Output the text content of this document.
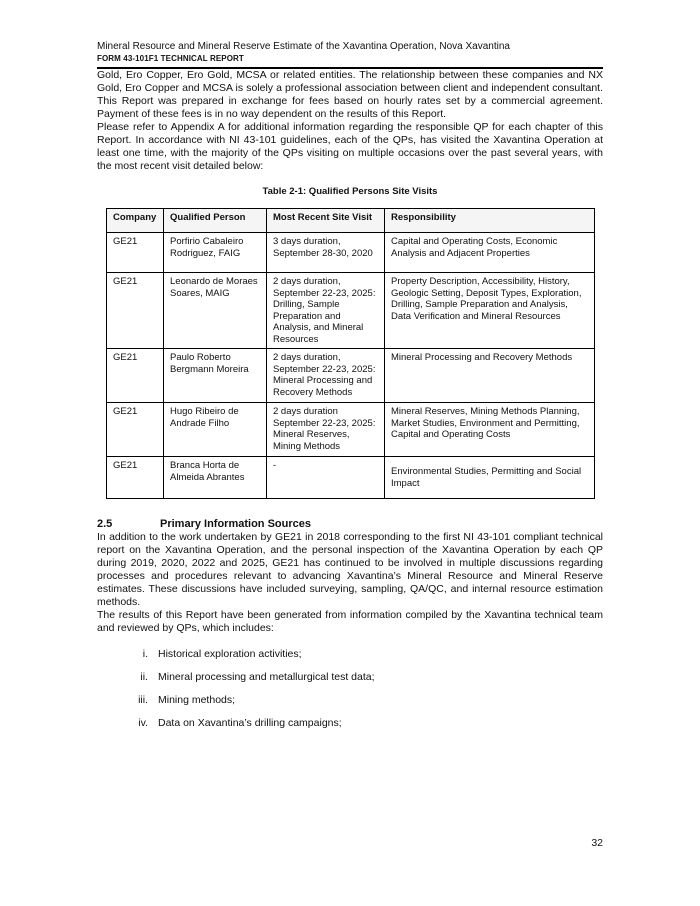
Mineral Resource and Mineral Reserve Estimate of the Xavantina Operation, Nova Xavantina
FORM 43-101F1 TECHNICAL REPORT

Gold, Ero Copper, Ero Gold, MCSA or related entities. The relationship between these companies and NX Gold, Ero Copper and MCSA is solely a professional association between client and independent consultant. This Report was prepared in exchange for fees based on hourly rates set by a commercial agreement. Payment of these fees is in no way dependent on the results of this Report.

Please refer to Appendix A for additional information regarding the responsible QP for each chapter of this Report. In accordance with NI 43-101 guidelines, each of the QPs, has visited the Xavantina Operation at least one time, with the majority of the QPs visiting on multiple occasions over the past several years, with the most recent visit detailed below:

Table 2-1: Qualified Persons Site Visits
Company	Qualified Person	Most Recent Site Visit	Responsibility
GE21	Porfirio Cabaleiro Rodriguez, FAIG	3 days duration, September 28-30, 2020	Capital and Operating Costs, Economic Analysis and Adjacent Properties
GE21	Leonardo de Moraes Soares, MAIG	2 days duration, September 22-23, 2025: Drilling, Sample Preparation and Analysis, and Mineral Resources	Property Description, Accessibility, History, Geologic Setting, Deposit Types, Exploration, Drilling, Sample Preparation and Analysis, Data Verification and Mineral Resources
GE21	Paulo Roberto Bergmann Moreira	2 days duration, September 22-23, 2025: Mineral Processing and Recovery Methods	Mineral Processing and Recovery Methods
GE21	Hugo Ribeiro de Andrade Filho	2 days duration September 22-23, 2025: Mineral Reserves, Mining Methods	Mineral Reserves, Mining Methods Planning, Market Studies, Environment and Permitting, Capital and Operating Costs
GE21	Branca Horta de Almeida Abrantes	-	Environmental Studies, Permitting and Social Impact
2.5	Primary Information Sources

In addition to the work undertaken by GE21 in 2018 corresponding to the first NI 43-101 compliant technical report on the Xavantina Operation, and the personal inspection of the Xavantina Operation by each QP during 2019, 2020, 2022 and 2025, GE21 has continued to be involved in multiple discussions regarding processes and procedures relevant to advancing Xavantina’s Mineral Resource and Mineral Reserve estimates. These discussions have included surveying, sampling, QA/QC, and internal resource estimation methods.

The results of this Report have been generated from information compiled by the Xavantina technical team and reviewed by QPs, which includes:

i. Historical exploration activities;
ii. Mineral processing and metallurgical test data;
iii. Mining methods;
iv. Data on Xavantina’s drilling campaigns;
32
